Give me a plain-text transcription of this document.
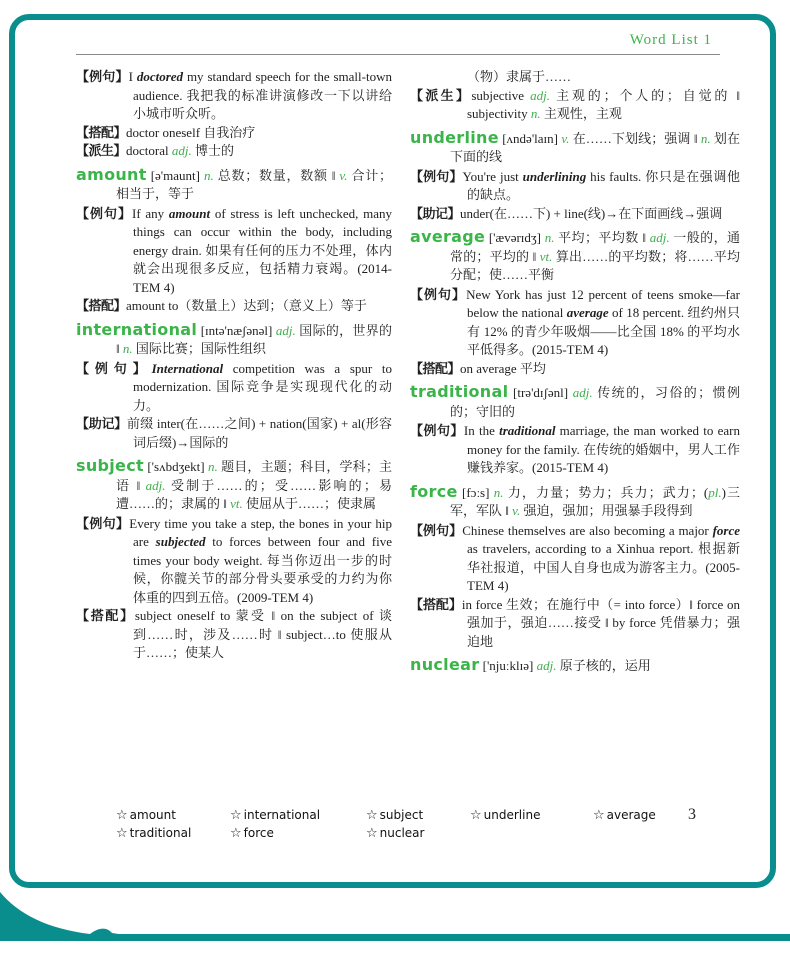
Word List 1
【例句】I doctored my standard speech for the small-town audience. 我把我的标准讲演修改一下以讲给小城市听众听。
【搭配】doctor oneself 自我治疗
【派生】doctoral adj. 博士的
amount [ə'maunt] n. 总数；数量，数额 ‖ v. 合计；相当于，等于
【例句】If any amount of stress is left unchecked, many things can occur within the body, including energy drain. 如果有任何的压力不处理，体内就会出现很多反应，包括精力衰竭。(2014-TEM 4)
【搭配】amount to（数量上）达到；（意义上）等于
international [ɪntə'næʃənəl] adj. 国际的，世界的 ‖ n. 国际比赛；国际性组织
【例句】International competition was a spur to modernization. 国际竞争是实现现代化的动力。
【助记】前缀 inter(在……之间) + nation(国家) + al(形容词后缀)→国际的
subject ['sʌbdʒekt] n. 题目，主题；科目，学科；主语 ‖ adj. 受制于……的；受……影响的；易遭……的；隶属的 ‖ vt. 使屈从于……；使隶属
【例句】Every time you take a step, the bones in your hip are subjected to forces between four and five times your body weight. 每当你迈出一步的时候，你髋关节的部分骨头要承受的力约为你体重的四到五倍。(2009-TEM 4)
【搭配】subject oneself to 蒙受 ‖ on the subject of 谈到……时，涉及……时 ‖ subject…to 使服从于……；使某人
（物）隶属于……
【派生】subjective adj. 主观的；个人的；自觉的 ‖ subjectivity n. 主观性，主观
underline [ʌndə'laɪn] v. 在……下划线；强调 ‖ n. 划在下面的线
【例句】You're just underlining his faults. 你只是在强调他的缺点。
【助记】under(在……下) + line(线)→在下面画线→强调
average ['ævərɪdʒ] n. 平均；平均数 ‖ adj. 一般的，通常的；平均的 ‖ vt. 算出……的平均数；将……平均分配；使……平衡
【例句】New York has just 12 percent of teens smoke—far below the national average of 18 percent. 纽约州只有 12% 的青少年吸烟——比全国 18% 的平均水平低得多。(2015-TEM 4)
【搭配】on average 平均
traditional [trə'dɪʃənl] adj. 传统的，习俗的；惯例的；守旧的
【例句】In the traditional marriage, the man worked to earn money for the family. 在传统的婚姻中，男人工作赚钱养家。(2015-TEM 4)
force [fɔːs] n. 力，力量；势力；兵力；武力；(pl.)三军，军队 ‖ v. 强迫，强加；用强暴手段得到
【例句】Chinese themselves are also becoming a major force as travelers, according to a Xinhua report. 根据新华社报道，中国人自身也成为游客主力。(2005-TEM 4)
【搭配】in force 生效；在施行中（= into force）‖ force on 强加于，强迫……接受 ‖ by force 凭借暴力；强迫地
nuclear ['njuːklɪə] adj. 原子核的，运用
☆ amount	☆ international	☆ subject	☆ underline	☆ average
☆ traditional	☆ force	☆ nuclear
3
